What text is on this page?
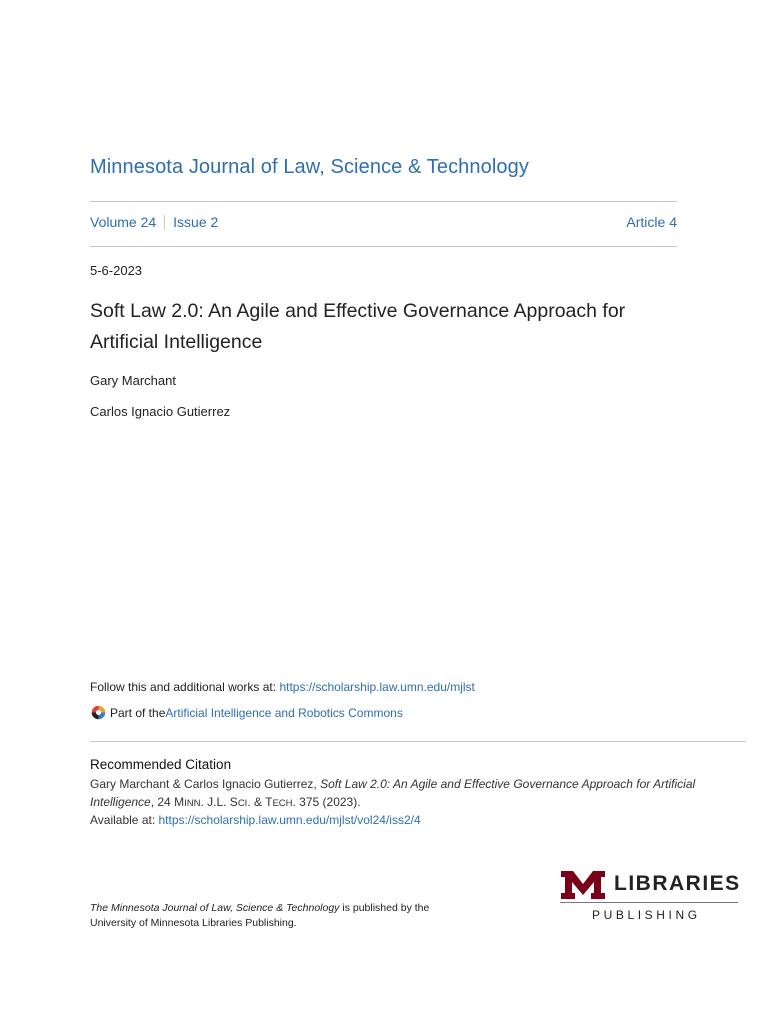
Minnesota Journal of Law, Science & Technology
Volume 24 Issue 2	Article 4
5-6-2023
Soft Law 2.0: An Agile and Effective Governance Approach for
Artificial Intelligence
Gary Marchant
Carlos Ignacio Gutierrez
Follow this and additional works at: https://scholarship.law.umn.edu/mjlst
Part of the Artificial Intelligence and Robotics Commons
Recommended Citation
Gary Marchant & Carlos Ignacio Gutierrez, Soft Law 2.0: An Agile and Effective Governance Approach for Artificial
Intelligence, 24 MINN. J.L. SCI. & TECH. 375 (2023).
Available at: https://scholarship.law.umn.edu/mjlst/vol24/iss2/4
The Minnesota Journal of Law, Science & Technology is published by the
University of Minnesota Libraries Publishing.
LIBRARIES
PUBLISHING
